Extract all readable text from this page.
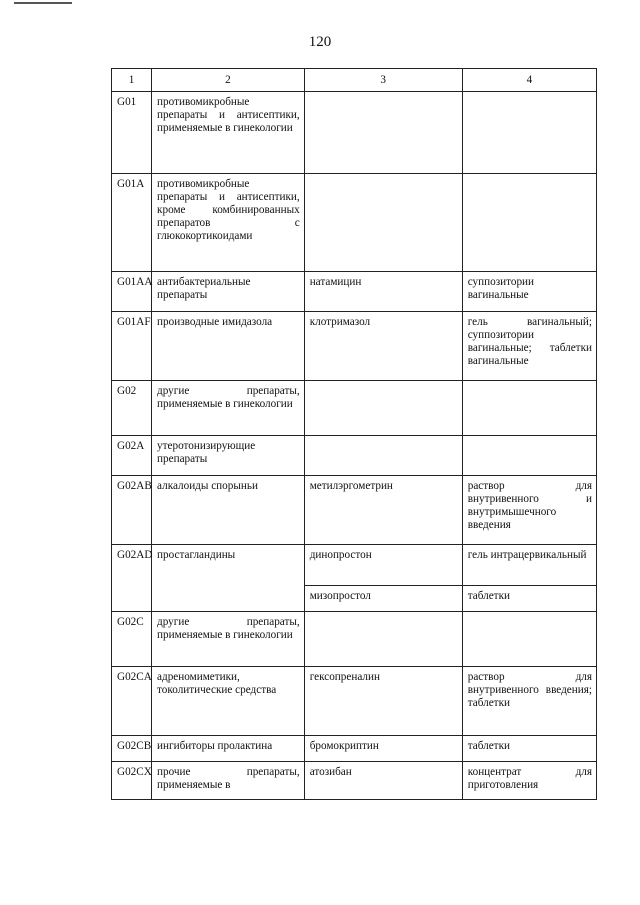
120
1	2	3	4
G01	противомикробные препараты и антисептики, применяемые в гинекологии		
G01A	противомикробные препараты и антисептики, кроме комбинированных препаратов с глюкокортикоидами		
G01AA	антибактериальные препараты	натамицин	суппозитории вагинальные
G01AF	производные имидазола	клотримазол	гель вагинальный; суппозитории вагинальные; таблетки вагинальные
G02	другие препараты, применяемые в гинекологии		
G02A	утеротонизирующие препараты		
G02AB	алкалоиды спорыньи	метилэргометрин	раствор для внутривенного и внутримышечного введения
G02AD	простагландины	динопростон	гель интрацервикальный
		мизопростол	таблетки
G02C	другие препараты, применяемые в гинекологии		
G02CA	адреномиметики, токолитические средства	гексопреналин	раствор для внутривенного введения; таблетки
G02CB	ингибиторы пролактина	бромокриптин	таблетки
G02CX	прочие препараты, применяемые в	атозибан	концентрат для приготовления
